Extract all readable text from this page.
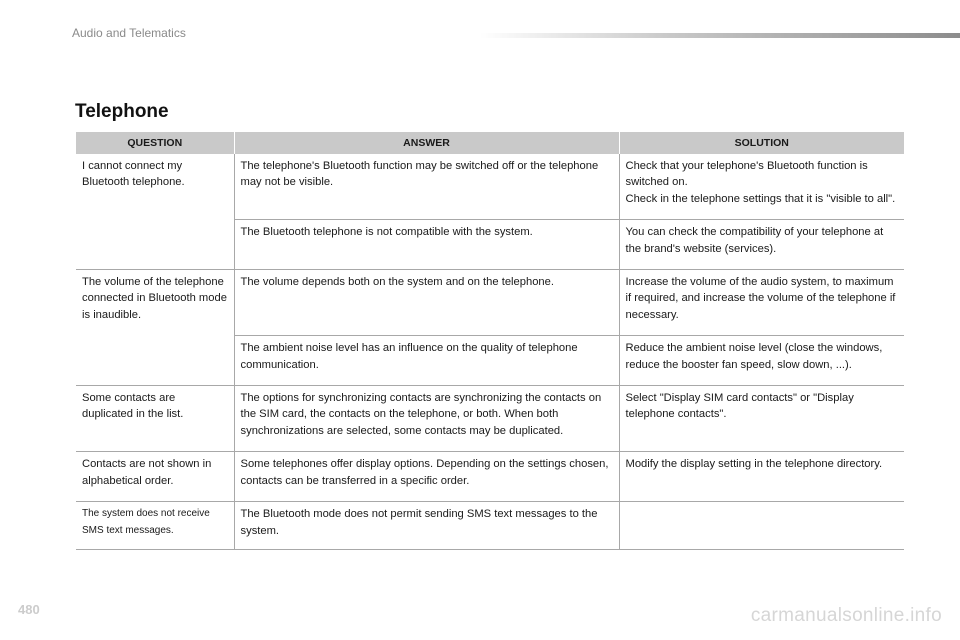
Audio and Telematics
Telephone
QUESTION	ANSWER	SOLUTION
I cannot connect my Bluetooth telephone.	The telephone's Bluetooth function may be switched off or the telephone may not be visible.	Check that your telephone's Bluetooth function is switched on.
Check in the telephone settings that it is "visible to all".

	The Bluetooth telephone is not compatible with the system.	You can check the compatibility of your telephone at the brand's website (services).
The volume of the telephone connected in Bluetooth mode is inaudible.	The volume depends both on the system and on the telephone.	Increase the volume of the audio system, to maximum if required, and increase the volume of the telephone if necessary.
	The ambient noise level has an influence on the quality of telephone communication.	Reduce the ambient noise level (close the windows, reduce the booster fan speed, slow down, ...).
Some contacts are duplicated in the list.	The options for synchronizing contacts are synchronizing the contacts on the SIM card, the contacts on the telephone, or both. When both synchronizations are selected, some contacts may be duplicated.	Select "Display SIM card contacts" or "Display telephone contacts".
Contacts are not shown in alphabetical order.	Some telephones offer display options. Depending on the settings chosen, contacts can be transferred in a specific order.	Modify the display setting in the telephone directory.
The system does not receive SMS text messages.	The Bluetooth mode does not permit sending SMS text messages to the system.	
480	carmanualsonline.info
